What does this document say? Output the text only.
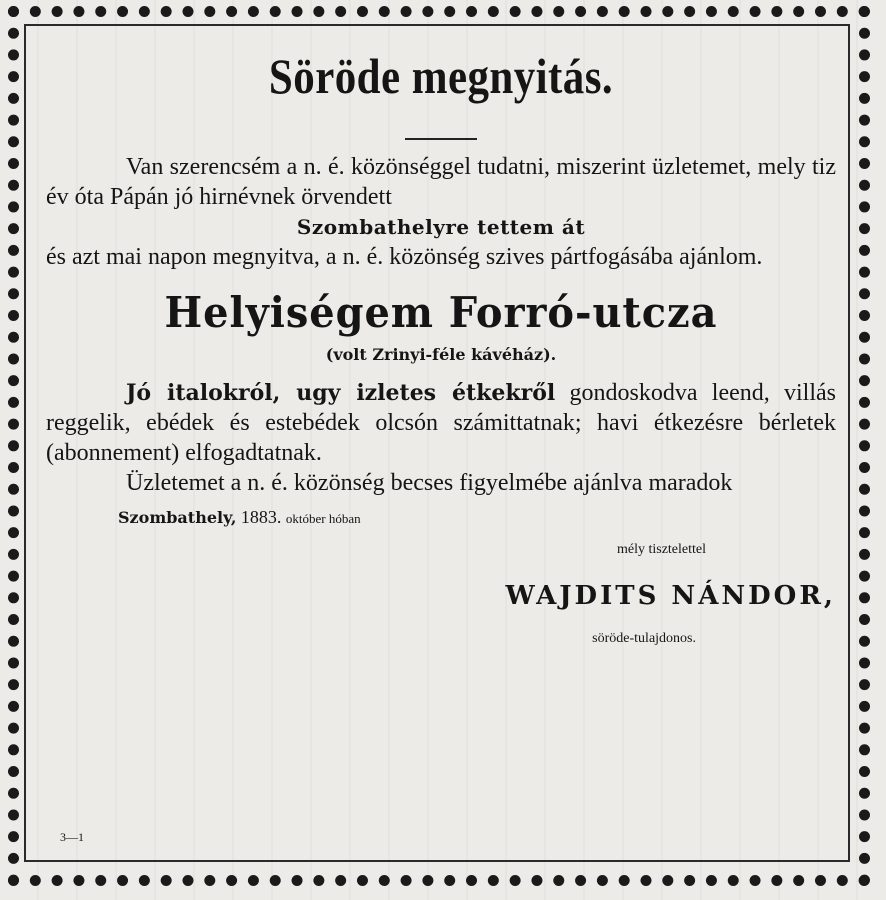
Söröde megnyitás.

Van szerencsém a n. é. közönséggel tudatni, miszerint üzletemet, mely tiz év óta Pápán jó hirnévnek örvendett

Szombathelyre tettem át

és azt mai napon megnyitva, a n. é. közönség szives pártfogásába ajánlom.

Helyiségem Forró-utcza

(volt Zrinyi-féle kávéház).

Jó italokról, ugy izletes étkekről gondoskodva leend, villás reggelik, ebédek és estebédek olcsón számittatnak; havi étkezésre bérletek (abonnement) elfogadtatnak.

Üzletemet a n. é. közönség becses figyelmébe ajánlva maradok

Szombathely, 1883. október hóban

mély tisztelettel

WAJDITS NÁNDOR,

söröde-tulajdonos.

3—1
